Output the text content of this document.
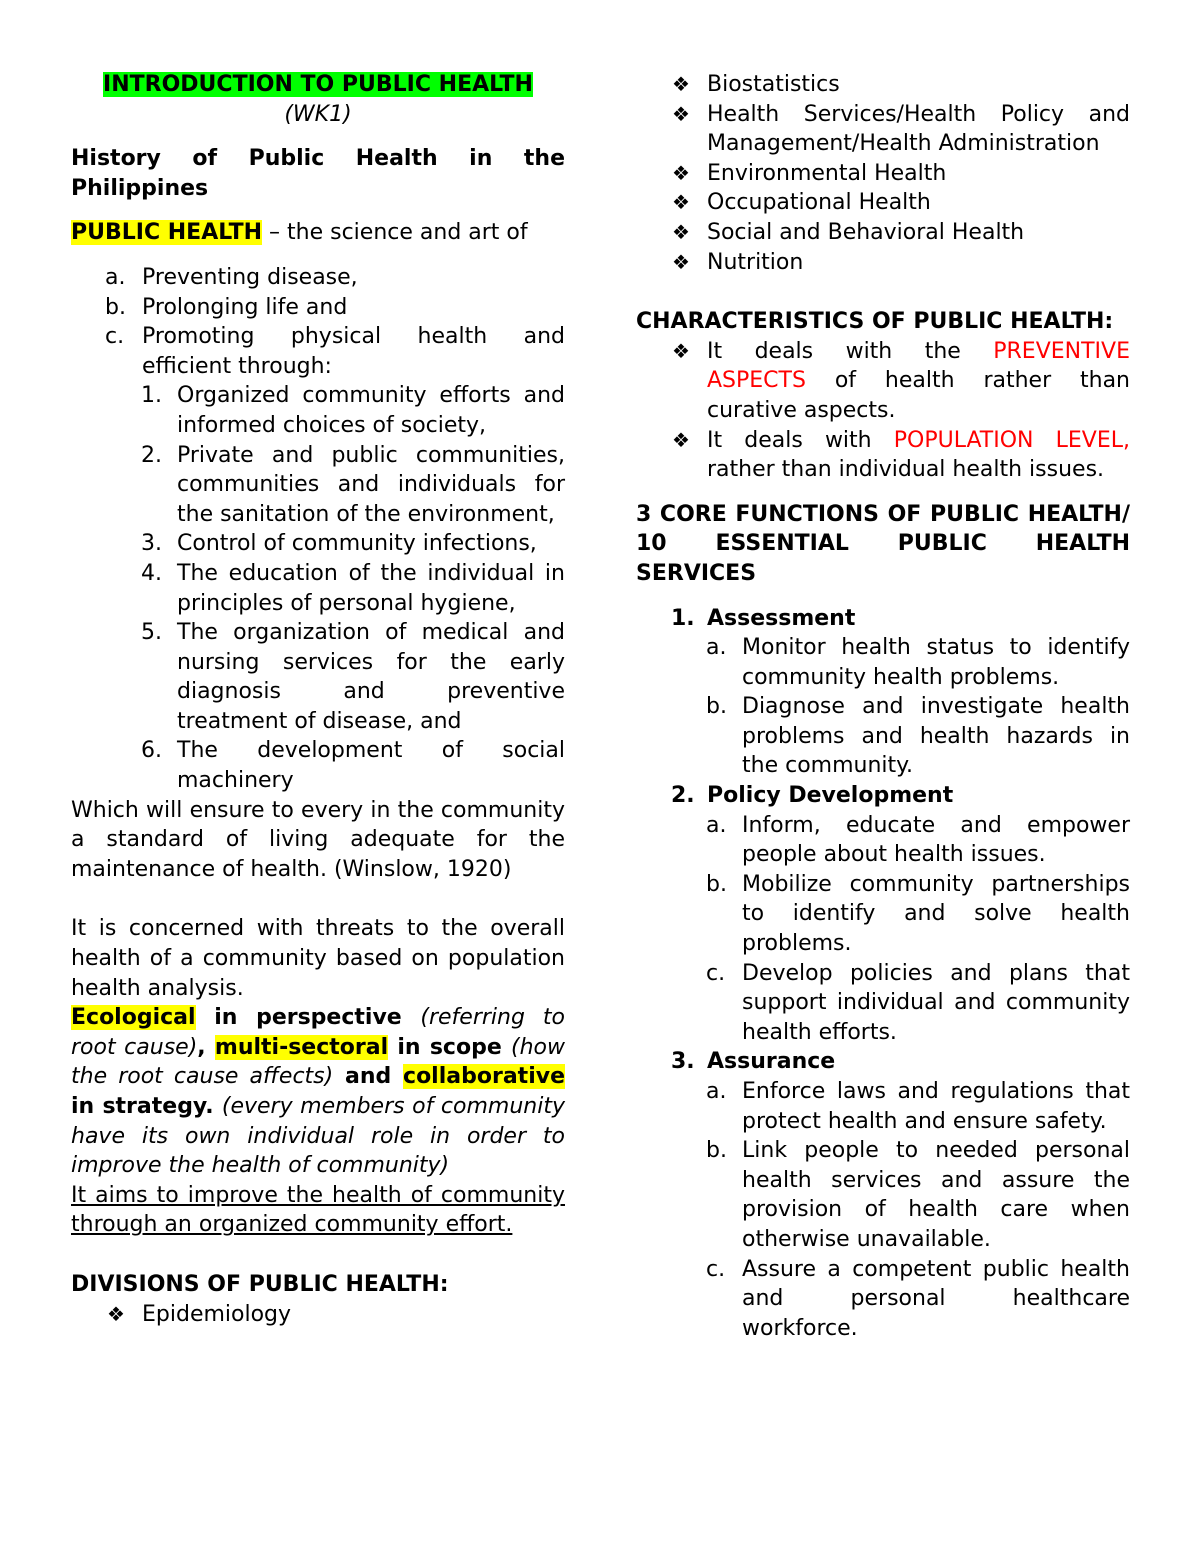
INTRODUCTION TO PUBLIC HEALTH
(WK1)
History of Public Health in the Philippines
PUBLIC HEALTH – the science and art of
a. Preventing disease,
b. Prolonging life and
c. Promoting physical health and efficient through:
1. Organized community efforts and informed choices of society,
2. Private and public communities, communities and individuals for the sanitation of the environment,
3. Control of community infections,
4. The education of the individual in principles of personal hygiene,
5. The organization of medical and nursing services for the early diagnosis and preventive treatment of disease, and
6. The development of social machinery
Which will ensure to every in the community a standard of living adequate for the maintenance of health. (Winslow, 1920)
It is concerned with threats to the overall health of a community based on population health analysis.
Ecological in perspective (referring to root cause), multi-sectoral in scope (how the root cause affects) and collaborative in strategy. (every members of community have its own individual role in order to improve the health of community)
It aims to improve the health of community through an organized community effort.
DIVISIONS OF PUBLIC HEALTH:
❖ Epidemiology
❖ Biostatistics
❖ Health Services/Health Policy and Management/Health Administration
❖ Environmental Health
❖ Occupational Health
❖ Social and Behavioral Health
❖ Nutrition
CHARACTERISTICS OF PUBLIC HEALTH:
❖ It deals with the PREVENTIVE ASPECTS of health rather than curative aspects.
❖ It deals with POPULATION LEVEL, rather than individual health issues.
3 CORE FUNCTIONS OF PUBLIC HEALTH/ 10 ESSENTIAL PUBLIC HEALTH SERVICES
1. Assessment
a. Monitor health status to identify community health problems.
b. Diagnose and investigate health problems and health hazards in the community.
2. Policy Development
a. Inform, educate and empower people about health issues.
b. Mobilize community partnerships to identify and solve health problems.
c. Develop policies and plans that support individual and community health efforts.
3. Assurance
a. Enforce laws and regulations that protect health and ensure safety.
b. Link people to needed personal health services and assure the provision of health care when otherwise unavailable.
c. Assure a competent public health and personal healthcare workforce.
